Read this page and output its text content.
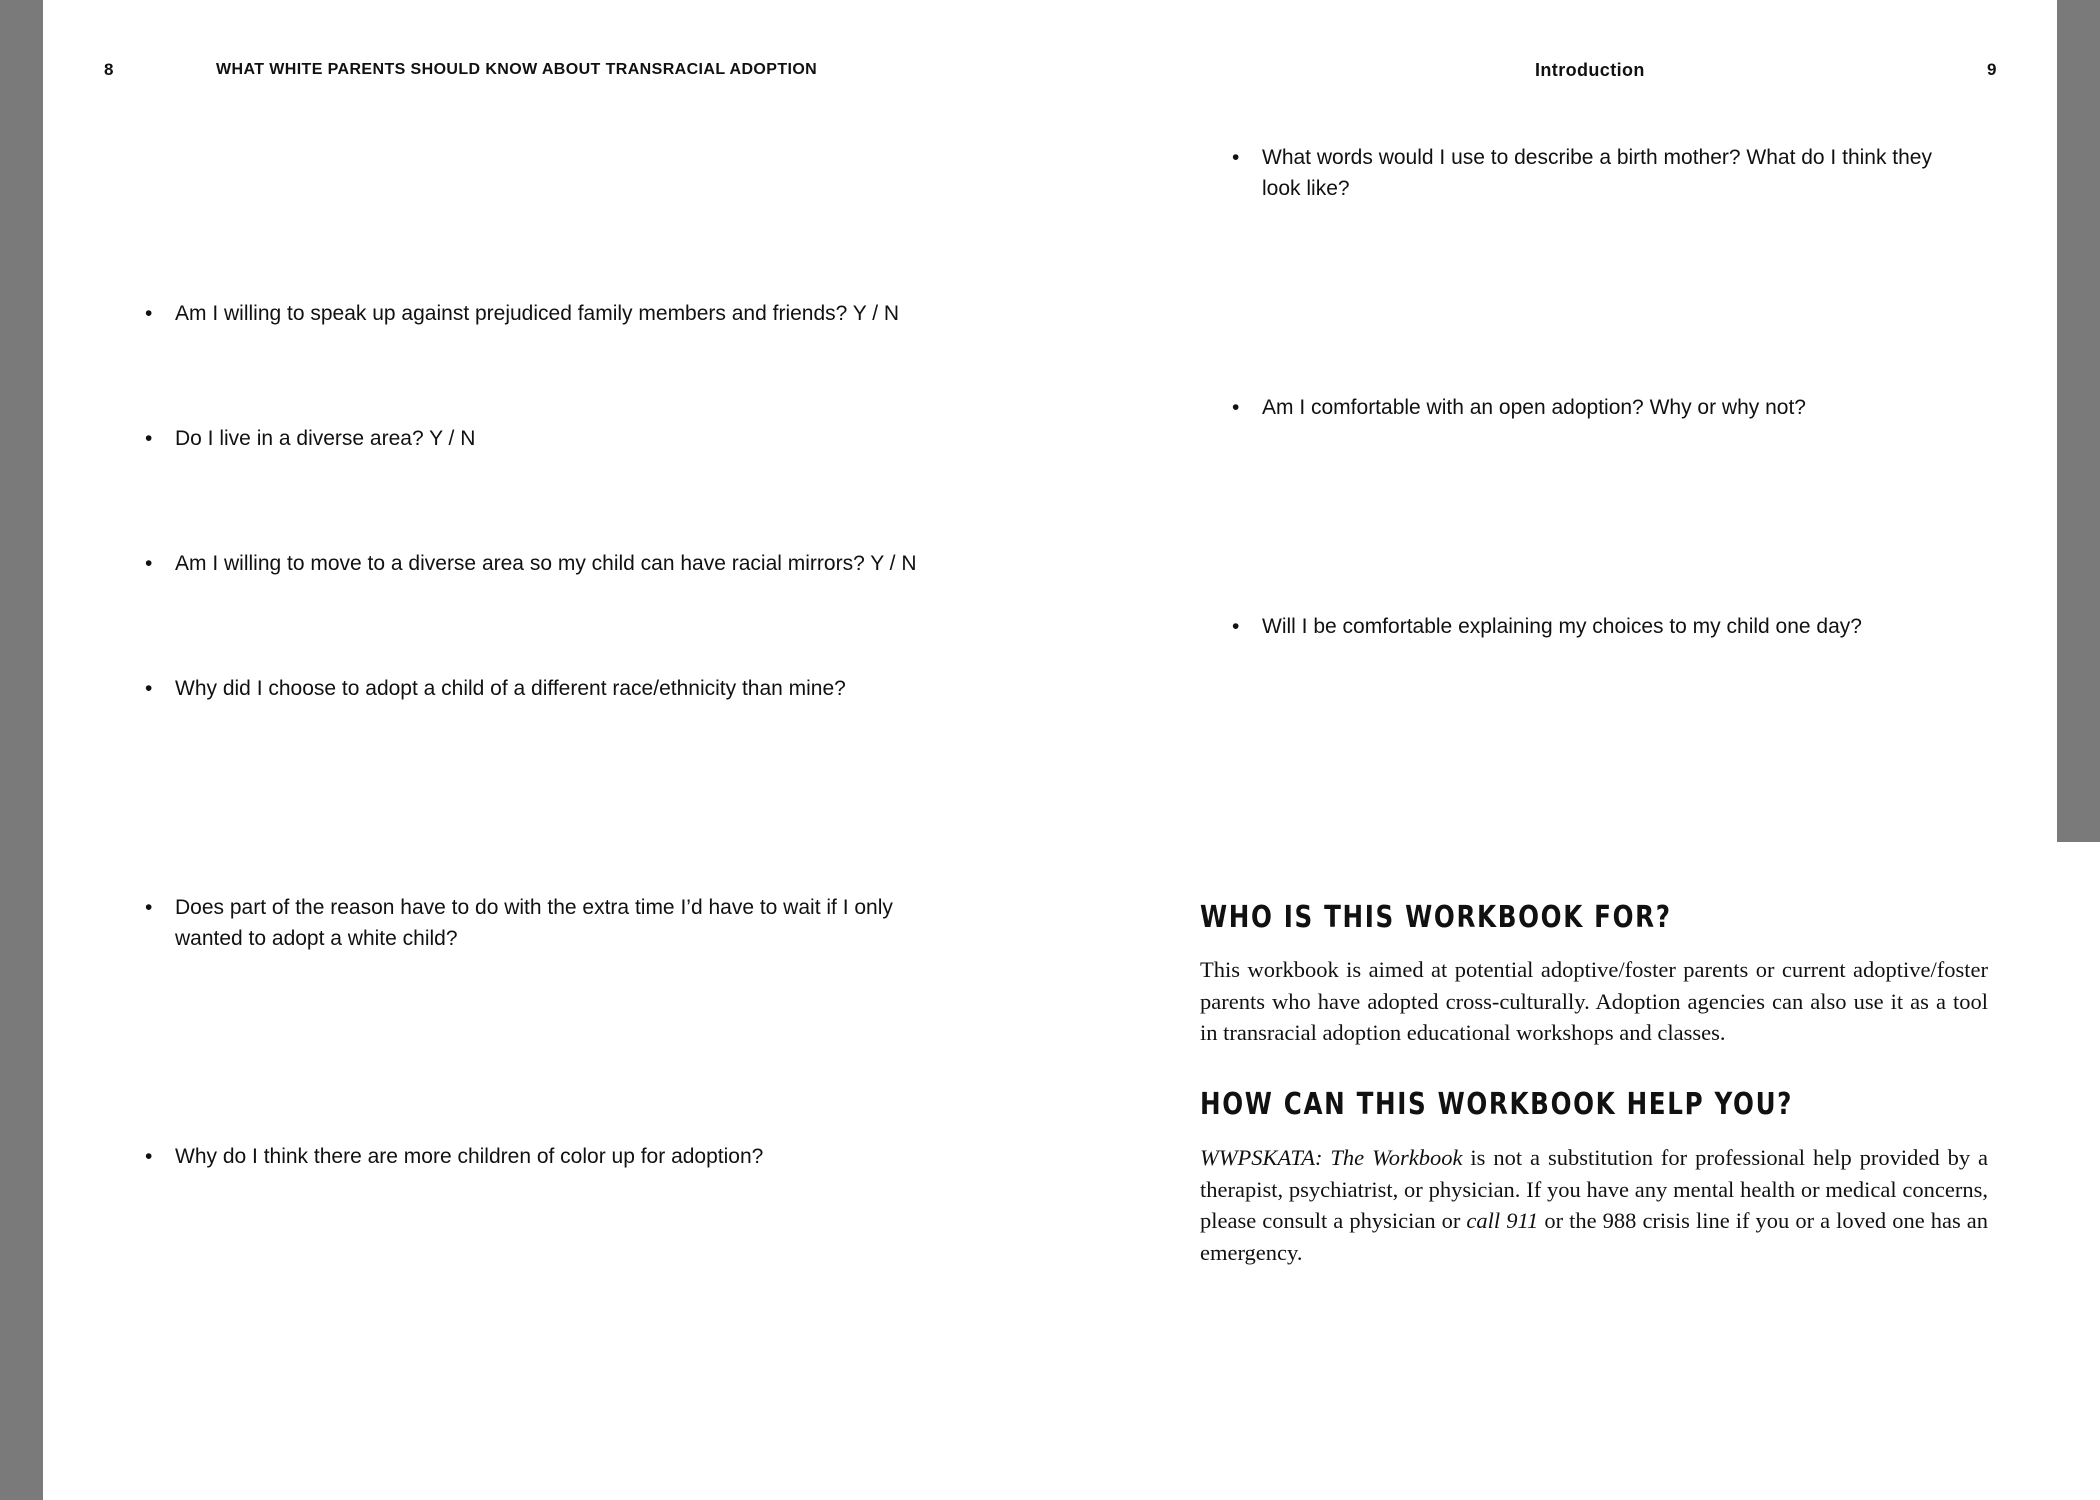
8	WHAT WHITE PARENTS SHOULD KNOW ABOUT TRANSRACIAL ADOPTION	Introduction	9
• Am I willing to speak up against prejudiced family members and friends? Y / N
• Do I live in a diverse area? Y / N
• Am I willing to move to a diverse area so my child can have racial mirrors? Y / N
• Why did I choose to adopt a child of a different race/ethnicity than mine?
• Does part of the reason have to do with the extra time I’d have to wait if I only wanted to adopt a white child?
• Why do I think there are more children of color up for adoption?
• What words would I use to describe a birth mother? What do I think they look like?
• Am I comfortable with an open adoption? Why or why not?
• Will I be comfortable explaining my choices to my child one day?
WHO IS THIS WORKBOOK FOR?
This workbook is aimed at potential adoptive/foster parents or current adoptive/foster parents who have adopted cross-culturally. Adoption agencies can also use it as a tool in transracial adoption educational workshops and classes.
HOW CAN THIS WORKBOOK HELP YOU?
WWPSKATA: The Workbook is not a substitution for professional help provided by a therapist, psychiatrist, or physician. If you have any mental health or medical concerns, please consult a physician or call 911 or the 988 crisis line if you or a loved one has an emergency.
